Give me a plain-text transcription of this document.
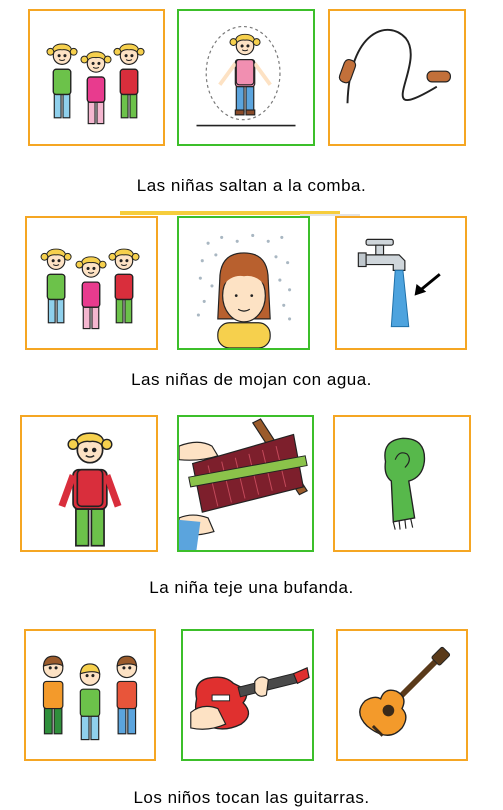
Las niñas saltan a la comba.
Las niñas de mojan con agua.
La niña teje una bufanda.
Los niños tocan las guitarras.
